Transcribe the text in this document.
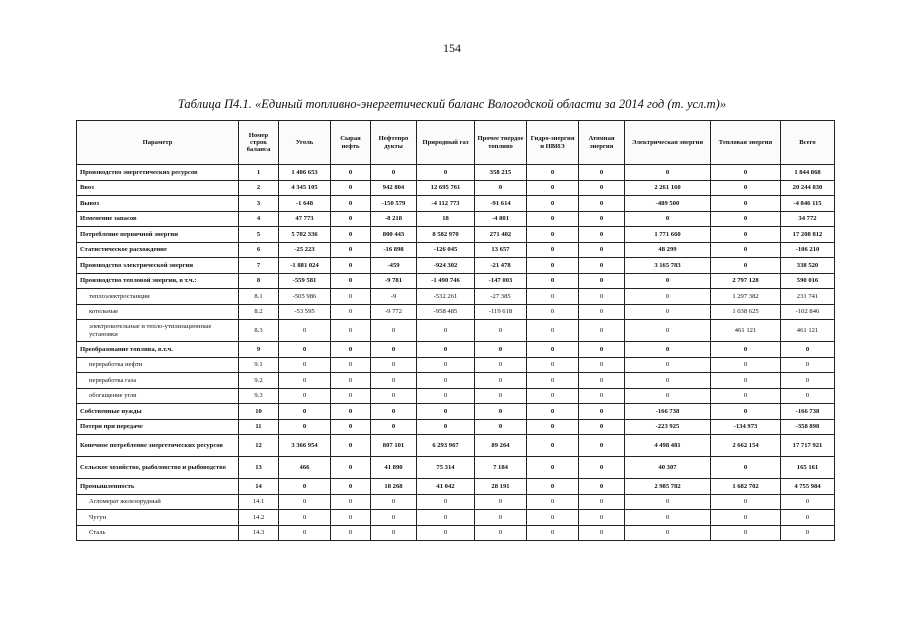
154
Таблица П4.1. «Единый топливно-энергетический баланс Вологодской области за 2014 год (т. усл.т)»
Параметр	Номер строк баланса	Уголь	Сырая нефть	Нефтепро дукты	Природный газ	Прочее твердое топливо	Гидро-энергия и НВИЭ	Атомная энергия	Электрическая энергия	Тепловая энергия	Всего
Производство энергетических ресурсов	1	1 486 653	0	0	0	358 215	0	0	0	0	1 844 868
Ввоз	2	4 345 105	0	942 804	12 695 761	0	0	0	2 261 160	0	20 244 830
Вывоз	3	-1 648	0	-150 579	-4 112 773	-91 614	0	0	-489 500	0	-4 846 115
Изменение запасов	4	47 773	0	-8 218	18	-4 801	0	0	0	0	34 772
Потребление первичной энергии	5	5 782 336	0	800 443	8 582 970	271 402	0	0	1 771 660	0	17 208 812
Статистическое расхождение	6	-25 223	0	-16 898	-126 045	13 657	0	0	48 299	0	-106 210
Производство электрической энергии	7	-1 881 024	0	-459	-924 302	-21 478	0	0	3 165 783	0	338 520
Производство тепловой энергии, в т.ч.:	8	-559 581	0	-9 781	-1 490 746	-147 003	0	0	0	2 797 128	590 016
теплоэлектростанции	8.1	-505 986	0	-9	-532 261	-27 385	0	0	0	1 297 382	231 741
котельные	8.2	-53 595	0	-9 772	-958 485	-119 618	0	0	0	1 038 625	-102 846
электрокотельные и тепло-утилизационные установки	8.3	0	0	0	0	0	0	0	0	461 121	461 121
Преобразование топлива, в.т.ч.	9	0	0	0	0	0	0	0	0	0	0
переработка нефти	9.1	0	0	0	0	0	0	0	0	0	0
переработка газа	9.2	0	0	0	0	0	0	0	0	0	0
обогащение угля	9.3	0	0	0	0	0	0	0	0	0	0
Собственные нужды	10	0	0	0	0	0	0	0	-166 738	0	-166 738
Потери при передаче	11	0	0	0	0	0	0	0	-223 925	-134 973	-358 898
Конечное потребление энергетических ресурсов	12	3 366 954	0	807 101	6 293 967	89 264	0	0	4 498 481	2 662 154	17 717 921
Сельское хозяйство, рыболовство и рыбоводство	13	466	0	41 890	75 314	7 184	0	0	40 307	0	165 161
Промышленность	14	0	0	18 268	41 042	28 191	0	0	2 985 782	1 682 702	4 755 984
Агломерат железорудный	14.1	0	0	0	0	0	0	0	0	0	0
Чугун	14.2	0	0	0	0	0	0	0	0	0	0
Сталь	14.3	0	0	0	0	0	0	0	0	0	0
